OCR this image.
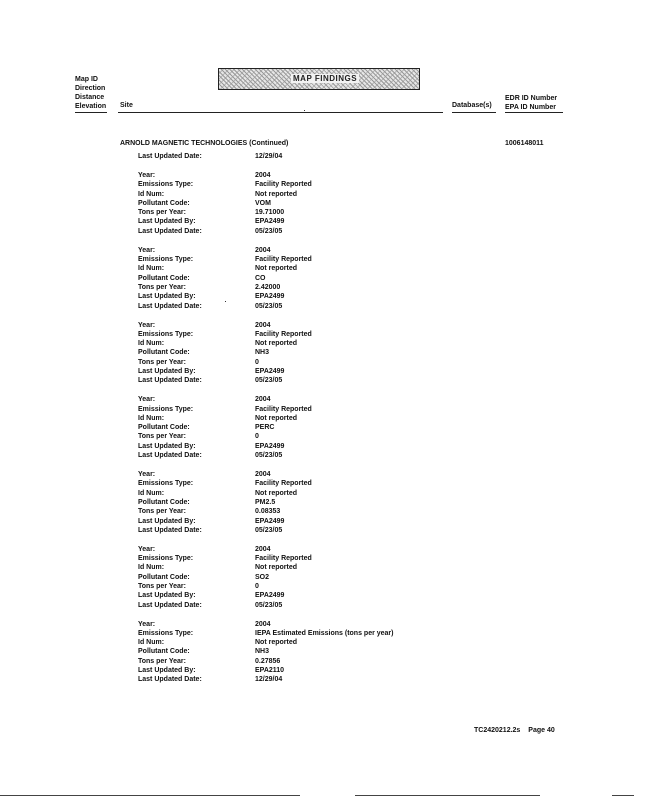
Map ID
Direction
Distance
Elevation Site
MAP FINDINGS
Database(s)
EDR ID Number
EPA ID Number
ARNOLD MAGNETIC TECHNOLOGIES (Continued)	1006148011
Last Updated Date:	12/29/04
Year:	2004
Emissions Type:	Facility Reported
Id Num:	Not reported
Pollutant Code:	VOM
Tons per Year:	19.71000
Last Updated By:	EPA2499
Last Updated Date:	05/23/05
Year:	2004
Emissions Type:	Facility Reported
Id Num:	Not reported
Pollutant Code:	CO
Tons per Year:	2.42000
Last Updated By:	EPA2499
Last Updated Date:	05/23/05
Year:	2004
Emissions Type:	Facility Reported
Id Num:	Not reported
Pollutant Code:	NH3
Tons per Year:	0
Last Updated By:	EPA2499
Last Updated Date:	05/23/05
Year:	2004
Emissions Type:	Facility Reported
Id Num:	Not reported
Pollutant Code:	PERC
Tons per Year:	0
Last Updated By:	EPA2499
Last Updated Date:	05/23/05
Year:	2004
Emissions Type:	Facility Reported
Id Num:	Not reported
Pollutant Code:	PM2.5
Tons per Year:	0.08353
Last Updated By:	EPA2499
Last Updated Date:	05/23/05
Year:	2004
Emissions Type:	Facility Reported
Id Num:	Not reported
Pollutant Code:	SO2
Tons per Year:	0
Last Updated By:	EPA2499
Last Updated Date:	05/23/05
Year:	2004
Emissions Type:	IEPA Estimated Emissions (tons per year)
Id Num:	Not reported
Pollutant Code:	NH3
Tons per Year:	0.27856
Last Updated By:	EPA2110
Last Updated Date:	12/29/04
TC2420212.2s Page 40
